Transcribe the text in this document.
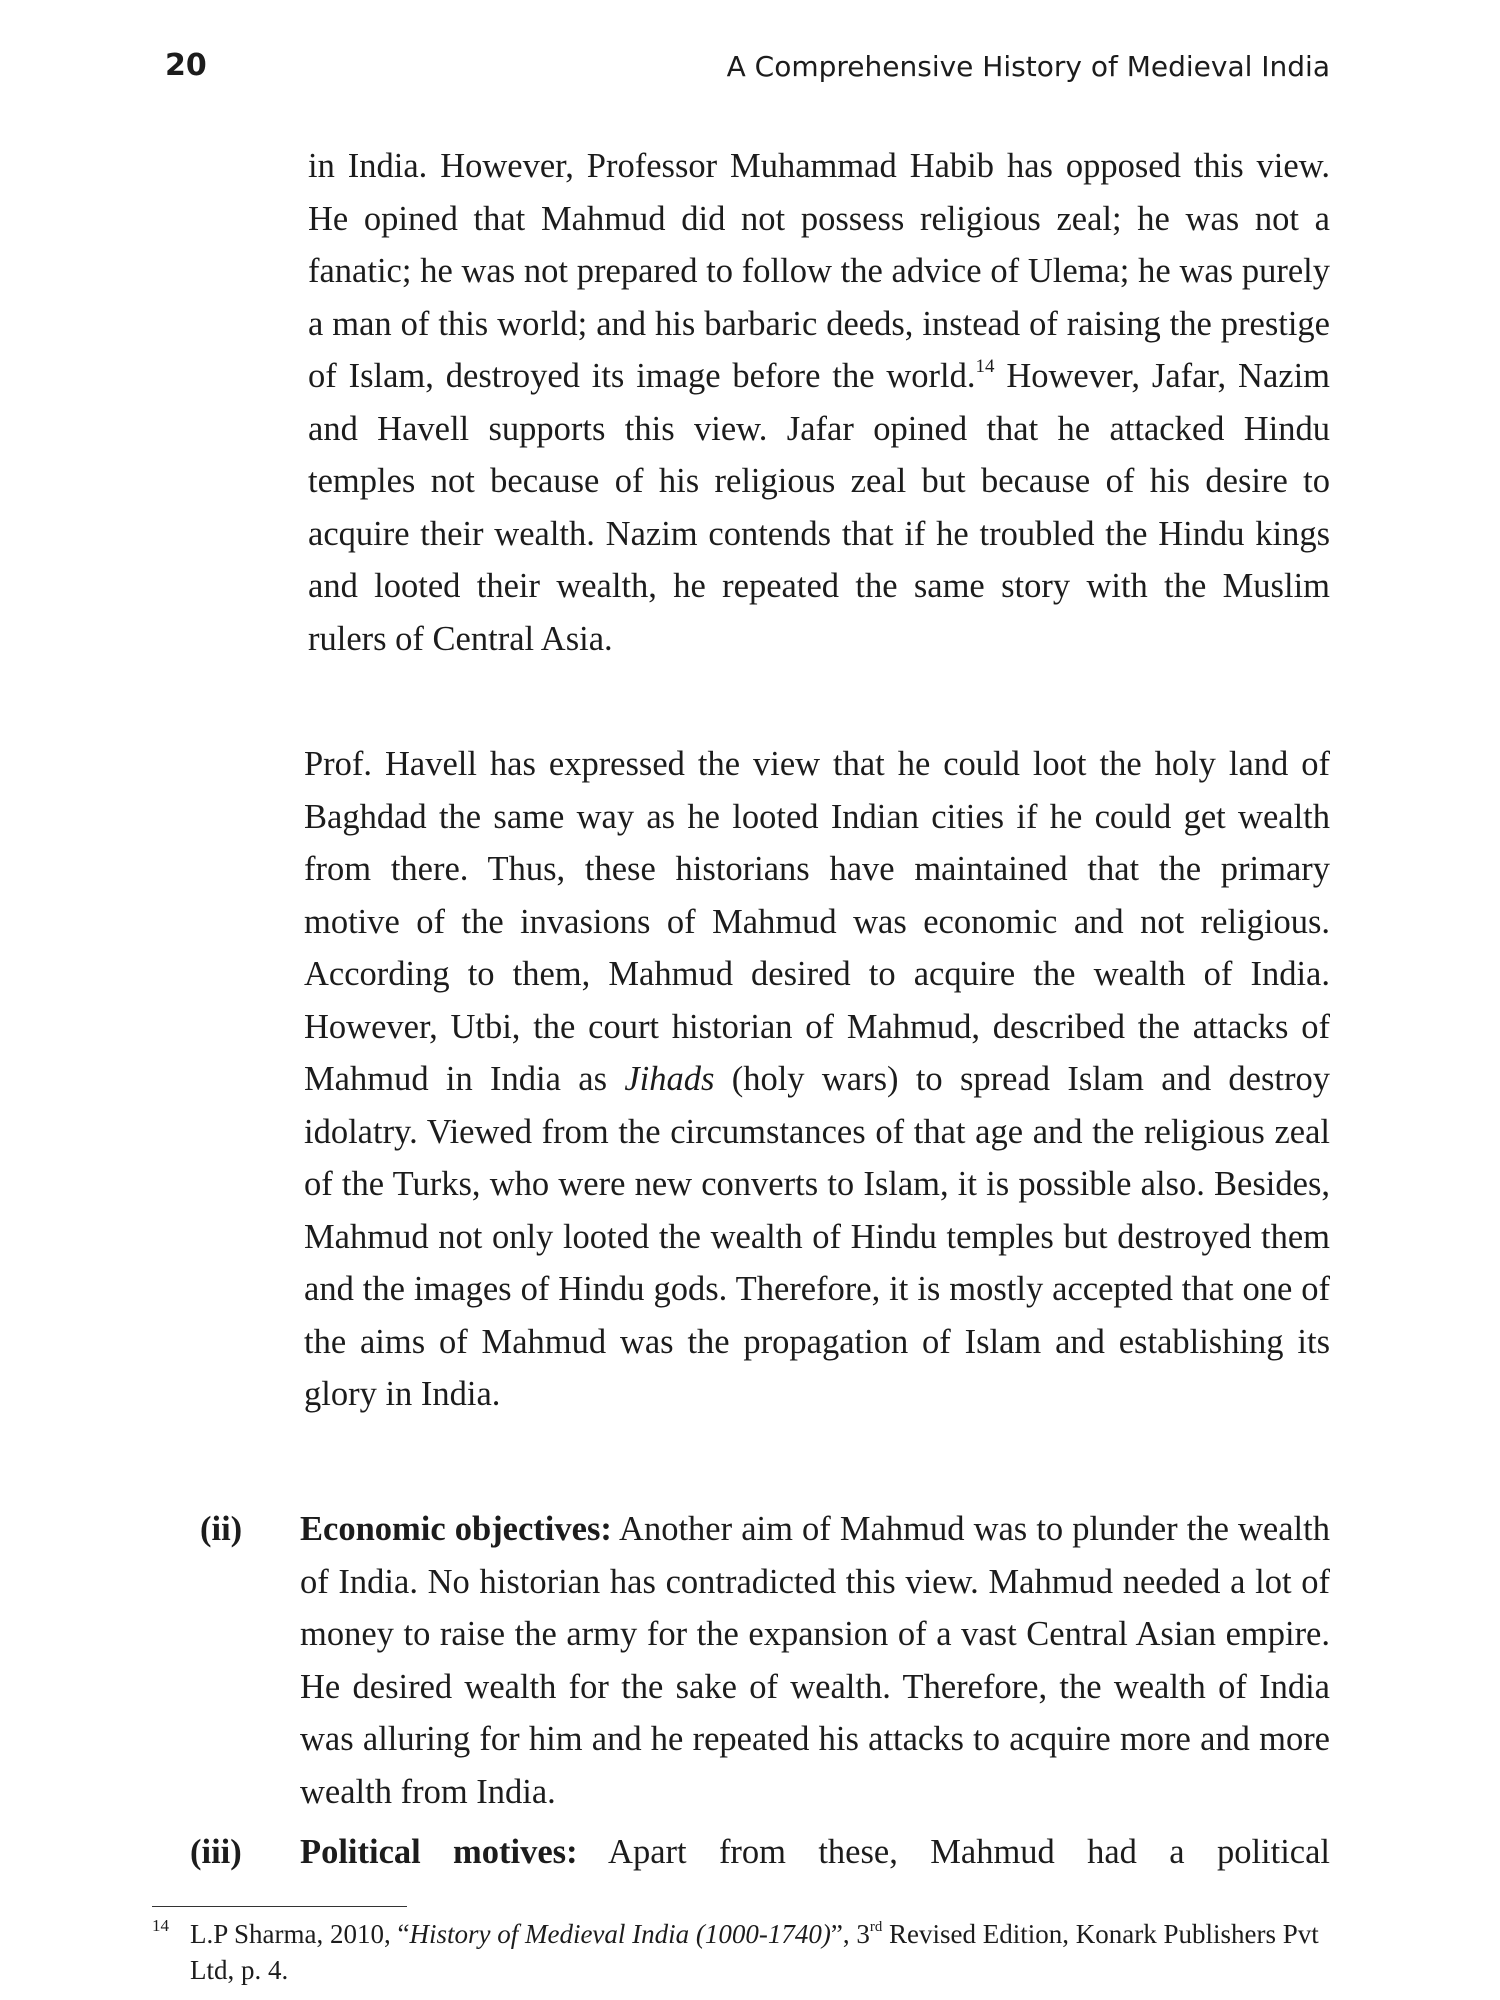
20	A Comprehensive History of Medieval India

in India. However, Professor Muhammad Habib has opposed this view. He opined that Mahmud did not possess religious zeal; he was not a fanatic; he was not prepared to follow the advice of Ulema; he was purely a man of this world; and his barbaric deeds, instead of raising the prestige of Islam, destroyed its image before the world.$^{14}$ However, Jafar, Nazim and Havell supports this view. Jafar opined that he attacked Hindu temples not because of his religious zeal but because of his desire to acquire their wealth. Nazim contends that if he troubled the Hindu kings and looted their wealth, he repeated the same story with the Muslim rulers of Central Asia.

Prof. Havell has expressed the view that he could loot the holy land of Baghdad the same way as he looted Indian cities if he could get wealth from there. Thus, these historians have maintained that the primary motive of the invasions of Mahmud was economic and not religious. According to them, Mahmud desired to acquire the wealth of India. However, Utbi, the court historian of Mahmud, described the attacks of Mahmud in India as Jihads (holy wars) to spread Islam and destroy idolatry. Viewed from the circumstances of that age and the religious zeal of the Turks, who were new converts to Islam, it is possible also. Besides, Mahmud not only looted the wealth of Hindu temples but destroyed them and the images of Hindu gods. Therefore, it is mostly accepted that one of the aims of Mahmud was the propagation of Islam and establishing its glory in India.

(ii) Economic objectives: Another aim of Mahmud was to plunder the wealth of India. No historian has contradicted this view. Mahmud needed a lot of money to raise the army for the expansion of a vast Central Asian empire. He desired wealth for the sake of wealth. Therefore, the wealth of India was alluring for him and he repeated his attacks to acquire more and more wealth from India.

(iii) Political motives: Apart from these, Mahmud had a political

14 L.P Sharma, 2010, “History of Medieval India (1000-1740)”, 3rd Revised Edition, Konark Publishers Pvt Ltd, p. 4.
